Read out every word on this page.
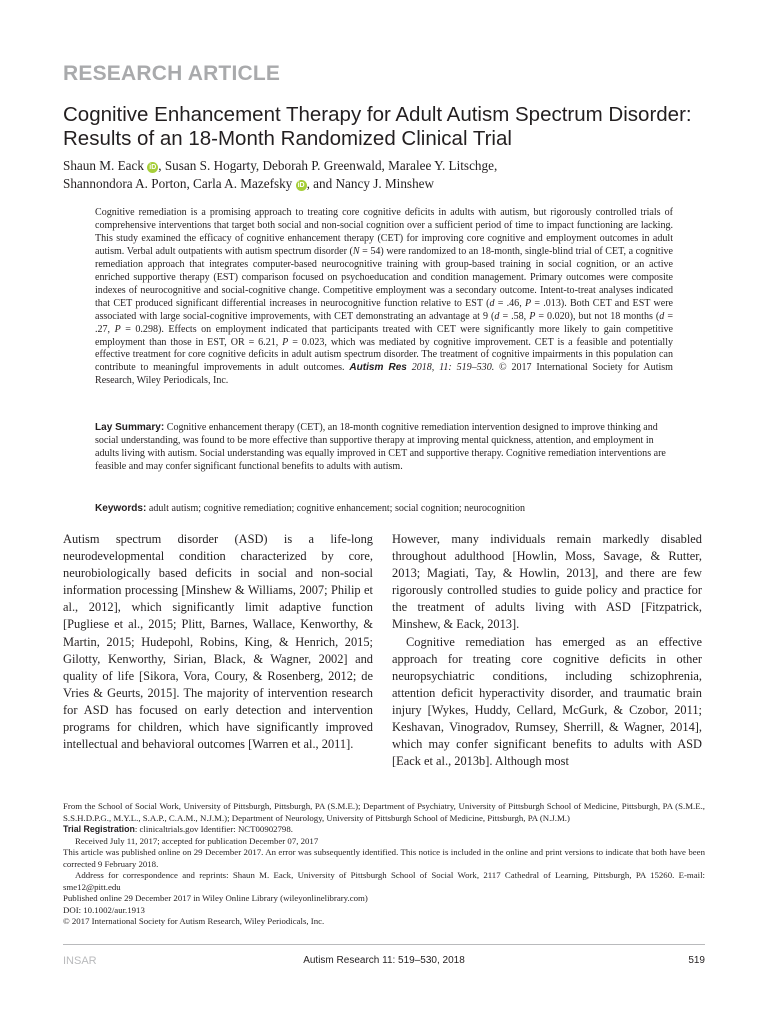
RESEARCH ARTICLE
Cognitive Enhancement Therapy for Adult Autism Spectrum Disorder: Results of an 18-Month Randomized Clinical Trial
Shaun M. Eack iD , Susan S. Hogarty, Deborah P. Greenwald, Maralee Y. Litschge,
Shannondora A. Porton, Carla A. Mazefsky iD , and Nancy J. Minshew

Cognitive remediation is a promising approach to treating core cognitive deficits in adults with autism, but rigorously controlled trials of comprehensive interventions that target both social and non-social cognition over a sufficient period of time to impact functioning are lacking. This study examined the efficacy of cognitive enhancement therapy (CET) for improving core cognitive and employment outcomes in adult autism. Verbal adult outpatients with autism spectrum disorder (N = 54) were randomized to an 18-month, single-blind trial of CET, a cognitive remediation approach that integrates computer-based neurocognitive training with group-based training in social cognition, or an active enriched supportive therapy (EST) comparison focused on psychoeducation and condition management. Primary outcomes were composite indexes of neurocognitive and social-cognitive change. Competitive employment was a secondary outcome. Intent-to-treat analyses indicated that CET produced significant differential increases in neurocognitive function relative to EST (d = .46, P = .013). Both CET and EST were associated with large social-cognitive improvements, with CET demonstrating an advantage at 9 (d = .58, P = 0.020), but not 18 months (d = .27, P = 0.298). Effects on employment indicated that participants treated with CET were significantly more likely to gain competitive employment than those in EST, OR = 6.21, P = 0.023, which was mediated by cognitive improvement. CET is a feasible and potentially effective treatment for core cognitive deficits in adult autism spectrum disorder. The treatment of cognitive impairments in this population can contribute to meaningful improvements in adult outcomes. Autism Res 2018, 11: 519–530. © 2017 International Society for Autism Research, Wiley Periodicals, Inc.

Lay Summary: Cognitive enhancement therapy (CET), an 18-month cognitive remediation intervention designed to improve thinking and social understanding, was found to be more effective than supportive therapy at improving mental quickness, attention, and employment in adults living with autism. Social understanding was equally improved in CET and supportive therapy. Cognitive remediation interventions are feasible and may confer significant functional benefits to adults with autism.

Keywords: adult autism; cognitive remediation; cognitive enhancement; social cognition; neurocognition

Autism spectrum disorder (ASD) is a life-long neurodevelopmental condition characterized by core, neurobiologically based deficits in social and non-social information processing [Minshew & Williams, 2007; Philip et al., 2012], which significantly limit adaptive function [Pugliese et al., 2015; Plitt, Barnes, Wallace, Kenworthy, & Martin, 2015; Hudepohl, Robins, King, & Henrich, 2015; Gilotty, Kenworthy, Sirian, Black, & Wagner, 2002] and quality of life [Sikora, Vora, Coury, & Rosenberg, 2012; de Vries & Geurts, 2015]. The majority of intervention research for ASD has focused on early detection and intervention programs for children, which have significantly improved intellectual and behavioral outcomes [Warren et al., 2011].

However, many individuals remain markedly disabled throughout adulthood [Howlin, Moss, Savage, & Rutter, 2013; Magiati, Tay, & Howlin, 2013], and there are few rigorously controlled studies to guide policy and practice for the treatment of adults living with ASD [Fitzpatrick, Minshew, & Eack, 2013].

Cognitive remediation has emerged as an effective approach for treating core cognitive deficits in other neuropsychiatric conditions, including schizophrenia, attention deficit hyperactivity disorder, and traumatic brain injury [Wykes, Huddy, Cellard, McGurk, & Czobor, 2011; Keshavan, Vinogradov, Rumsey, Sherrill, & Wagner, 2014], which may confer significant benefits to adults with ASD [Eack et al., 2013b]. Although most

From the School of Social Work, University of Pittsburgh, Pittsburgh, PA (S.M.E.); Department of Psychiatry, University of Pittsburgh School of Medicine, Pittsburgh, PA (S.M.E., S.S.H.D.P.G., M.Y.L., S.A.P., C.A.M., N.J.M.); Department of Neurology, University of Pittsburgh School of Medicine, Pittsburgh, PA (N.J.M.)

Trial Registration: clinicaltrials.gov Identifier: NCT00902798.

Received July 11, 2017; accepted for publication December 07, 2017

This article was published online on 29 December 2017. An error was subsequently identified. This notice is included in the online and print versions to indicate that both have been corrected 9 February 2018.

Address for correspondence and reprints: Shaun M. Eack, University of Pittsburgh School of Social Work, 2117 Cathedral of Learning, Pittsburgh, PA 15260. E-mail: sme12@pitt.edu

Published online 29 December 2017 in Wiley Online Library (wileyonlinelibrary.com)

DOI: 10.1002/aur.1913

© 2017 International Society for Autism Research, Wiley Periodicals, Inc.

INSAR	Autism Research 11: 519–530, 2018	519
